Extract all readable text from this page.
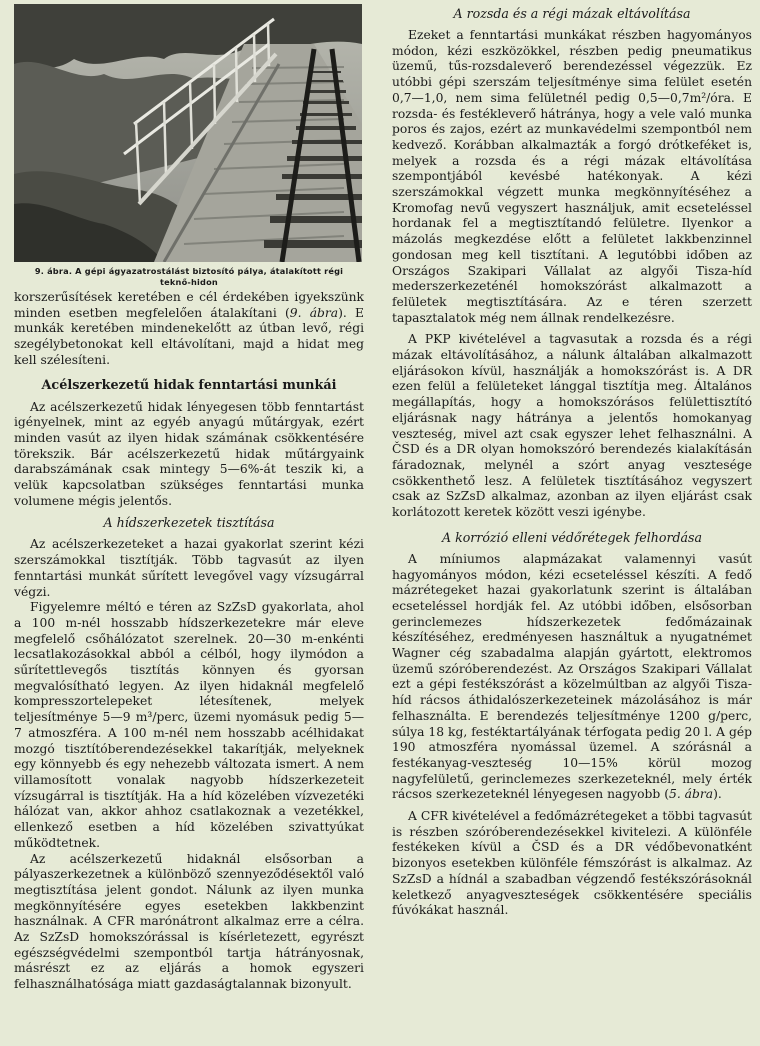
9. ábra. A gépi ágyazatrostálást biztosító pálya, átalakított régi teknő-hidon

korszerűsítések keretében e cél érdekében igyekszünk minden esetben megfelelően átalakítani (9. ábra). E munkák keretében mindenekelőtt az útban levő, régi szegélybetonokat kell eltávolítani, majd a hidat meg kell szélesíteni.

Acélszerkezetű hidak fenntartási munkái

Az acélszerkezetű hidak lényegesen több fenntartást igényelnek, mint az egyéb anyagú műtárgyak, ezért minden vasút az ilyen hidak számának csökkentésére törekszik. Bár acélszerkezetű hidak műtárgyaink darabszámának csak mintegy 5—6%-át teszik ki, a velük kapcsolatban szükséges fenntartási munka volumene mégis jelentős.

A hídszerkezetek tisztítása

Az acélszerkezeteket a hazai gyakorlat szerint kézi szerszámokkal tisztítják. Több tagvasút az ilyen fenntartási munkát sűrített levegővel vagy vízsugárral végzi.

Figyelemre méltó e téren az SzZsD gyakorlata, ahol a 100 m-nél hosszabb hídszerkezetekre már eleve megfelelő csőhálózatot szerelnek. 20—30 m-enkénti lecsatlakozásokkal abból a célból, hogy ilymódon a sűrítettlevegős tisztítás könnyen és gyorsan megvalósítható legyen. Az ilyen hidaknál megfelelő kompresszortelepeket létesítenek, melyek teljesítménye 5—9 m³/perc, üzemi nyomásuk pedig 5—7 atmoszféra. A 100 m-nél nem hosszabb acélhidakat mozgó tisztítóberendezésekkel takarítják, melyeknek egy könnyebb és egy nehezebb változata ismert. A nem villamosított vonalak nagyobb hídszerkezeteit vízsugárral is tisztítják. Ha a híd közelében vízvezetéki hálózat van, akkor ahhoz csatlakoznak a vezetékkel, ellenkező esetben a híd közelében szivattyúkat működtetnek.

Az acélszerkezetű hidaknál elsősorban a pályaszerkezetnek a különböző szennyeződésektől való megtisztítása jelent gondot. Nálunk az ilyen munka megkönnyítésére egyes esetekben lakkbenzint használnak. A CFR marónátront alkalmaz erre a célra. Az SzZsD homokszórással is kísérletezett, egyrészt egészségvédelmi szempontból tartja hátrányosnak, másrészt ez az eljárás a homok egyszeri felhasználhatósága miatt gazdaságtalannak bizonyult.

A rozsda és a régi mázak eltávolítása

Ezeket a fenntartási munkákat részben hagyományos módon, kézi eszközökkel, részben pedig pneumatikus üzemű, tűs-rozsdaleverő berendezéssel végezzük. Ez utóbbi gépi szerszám teljesítménye sima felület esetén 0,7—1,0, nem sima felületnél pedig 0,5—0,7m²/óra. E rozsda- és festékleverő hátránya, hogy a vele való munka poros és zajos, ezért az munkavédelmi szempontból nem kedvező. Korábban alkalmazták a forgó drótkeféket is, melyek a rozsda és a régi mázak eltávolítása szempontjából kevésbé hatékonyak. A kézi szerszámokkal végzett munka megkönnyítéséhez a Kromofag nevű vegyszert használjuk, amit ecseteléssel hordanak fel a megtisztítandó felületre. Ilyenkor a mázolás megkezdése előtt a felületet lakkbenzinnel gondosan meg kell tisztítani. A legutóbbi időben az Országos Szakipari Vállalat az algyői Tisza-híd mederszerkezeténél homokszórást alkalmazott a felületek megtisztítására. Az e téren szerzett tapasztalatok még nem állnak rendelkezésre.

A PKP kivételével a tagvasutak a rozsda és a régi mázak eltávolításához, a nálunk általában alkalmazott eljárásokon kívül, használják a homokszórást is. A DR ezen felül a felületeket lánggal tisztítja meg. Általános megállapítás, hogy a homokszórásos felülettisztító eljárásnak nagy hátránya a jelentős homokanyag veszteség, mivel azt csak egyszer lehet felhasználni. A ČSD és a DR olyan homokszóró berendezés kialakításán fáradoznak, melynél a szórt anyag vesztesége csökkenthető lesz. A felületek tisztításához vegyszert csak az SzZsD alkalmaz, azonban az ilyen eljárást csak korlátozott keretek között veszi igénybe.

A korrózió elleni védőrétegek felhordása

A míniumos alapmázakat valamennyi vasút hagyományos módon, kézi ecseteléssel készíti. A fedő mázrétegeket hazai gyakorlatunk szerint is általában ecseteléssel hordják fel. Az utóbbi időben, elsősorban gerinclemezes hídszerkezetek fedőmázainak készítéséhez, eredményesen használtuk a nyugatnémet Wagner cég szabadalma alapján gyártott, elektromos üzemű szóróberendezést. Az Országos Szakipari Vállalat ezt a gépi festékszórást a közelmúltban az algyői Tisza-híd rácsos áthidalószerkezeteinek mázolásához is már felhasználta. E berendezés teljesítménye 1200 g/perc, súlya 18 kg, festéktartályának térfogata pedig 20 l. A gép 190 atmoszféra nyomással üzemel. A szórásnál a festékanyag-veszteség 10—15% körül mozog nagyfelületű, gerinclemezes szerkezeteknél, mely érték rácsos szerkezeteknél lényegesen nagyobb (5. ábra).

A CFR kivételével a fedőmázrétegeket a többi tagvasút is részben szóróberendezésekkel kivitelezi. A különféle festékeken kívül a ČSD és a DR védőbevonatként bizonyos esetekben különféle fémszórást is alkalmaz. Az SzZsD a hídnál a szabadban végzendő festékszórásoknál keletkező anyagveszteségek csökkentésére speciális fúvókákat használ.
